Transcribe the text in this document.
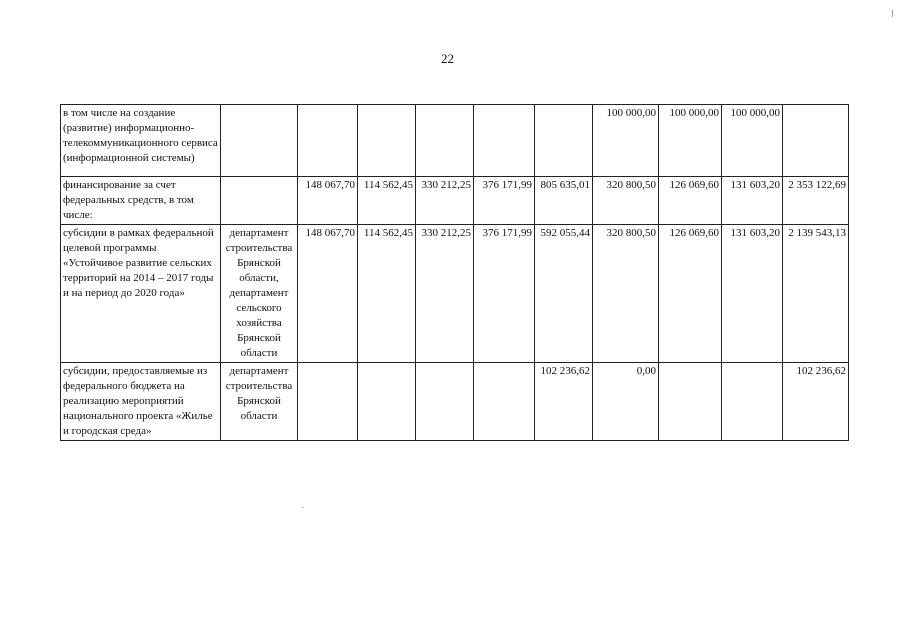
22
в том числе на создание (развитие) информационно-телекоммуникационного сервиса (информационной системы)							100 000,00	100 000,00	100 000,00	
финансирование за счет федеральных средств, в том числе:		148 067,70	114 562,45	330 212,25	376 171,99	805 635,01	320 800,50	126 069,60	131 603,20	2 353 122,69
субсидии в рамках федеральной целевой программы «Устойчивое развитие сельских территорий на 2014 – 2017 годы и на период до 2020 года»	департамент строительства Брянской области, департамент сельского хозяйства Брянской области	148 067,70	114 562,45	330 212,25	376 171,99	592 055,44	320 800,50	126 069,60	131 603,20	2 139 543,13
субсидии, предоставляемые из федерального бюджета на реализацию мероприятий национального проекта «Жилье и городская среда»	департамент строительства Брянской области					102 236,62	0,00			102 236,62
